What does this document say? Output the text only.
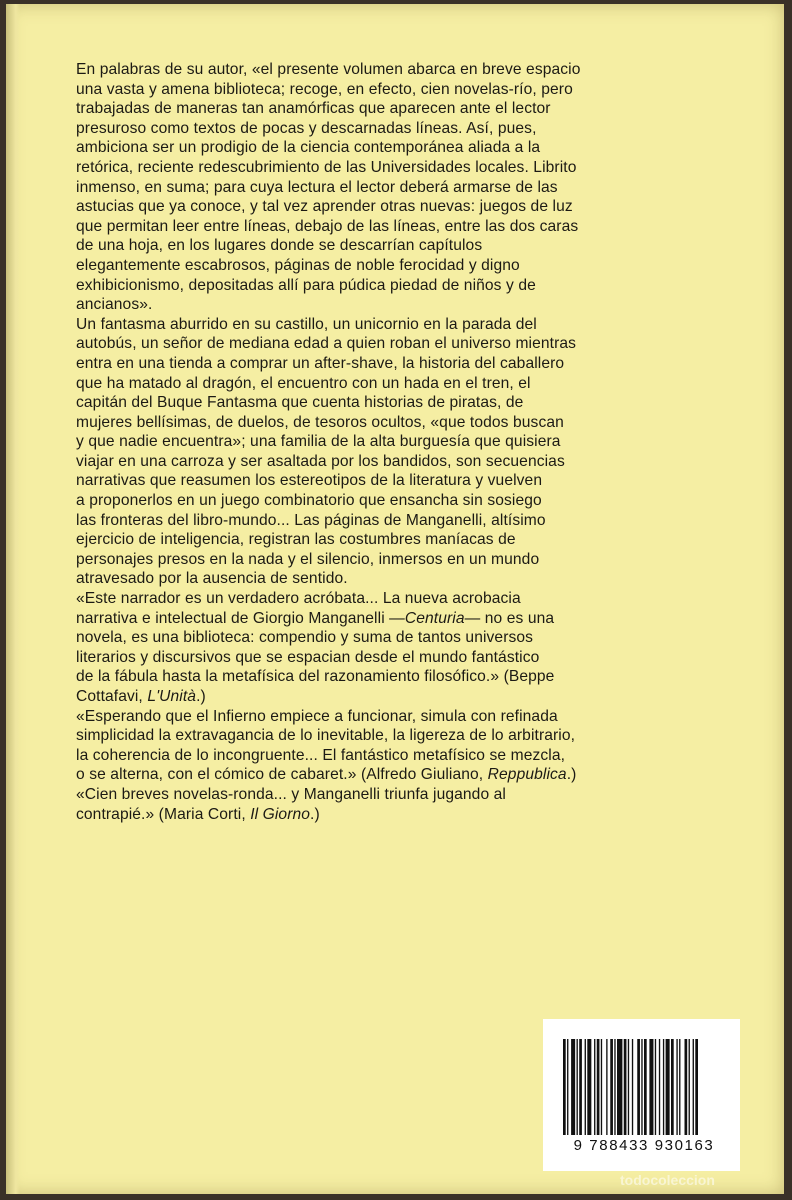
En palabras de su autor, «el presente volumen abarca en breve espacio
una vasta y amena biblioteca; recoge, en efecto, cien novelas-río, pero
trabajadas de maneras tan anamórficas que aparecen ante el lector
presuroso como textos de pocas y descarnadas líneas. Así, pues,
ambiciona ser un prodigio de la ciencia contemporánea aliada a la
retórica, reciente redescubrimiento de las Universidades locales. Librito
inmenso, en suma; para cuya lectura el lector deberá armarse de las
astucias que ya conoce, y tal vez aprender otras nuevas: juegos de luz
que permitan leer entre líneas, debajo de las líneas, entre las dos caras
de una hoja, en los lugares donde se descarrían capítulos
elegantemente escabrosos, páginas de noble ferocidad y digno
exhibicionismo, depositadas allí para púdica piedad de niños y de
ancianos».

Un fantasma aburrido en su castillo, un unicornio en la parada del
autobús, un señor de mediana edad a quien roban el universo mientras
entra en una tienda a comprar un after-shave, la historia del caballero
que ha matado al dragón, el encuentro con un hada en el tren, el
capitán del Buque Fantasma que cuenta historias de piratas, de
mujeres bellísimas, de duelos, de tesoros ocultos, «que todos buscan
y que nadie encuentra»; una familia de la alta burguesía que quisiera
viajar en una carroza y ser asaltada por los bandidos, son secuencias
narrativas que reasumen los estereotipos de la literatura y vuelven
a proponerlos en un juego combinatorio que ensancha sin sosiego
las fronteras del libro-mundo... Las páginas de Manganelli, altísimo
ejercicio de inteligencia, registran las costumbres maníacas de
personajes presos en la nada y el silencio, inmersos en un mundo
atravesado por la ausencia de sentido.

«Este narrador es un verdadero acróbata... La nueva acrobacia
narrativa e intelectual de Giorgio Manganelli —Centuria— no es una
novela, es una biblioteca: compendio y suma de tantos universos
literarios y discursivos que se espacian desde el mundo fantástico
de la fábula hasta la metafísica del razonamiento filosófico.» (Beppe
Cottafavi, L'Unità.)

«Esperando que el Infierno empiece a funcionar, simula con refinada
simplicidad la extravagancia de lo inevitable, la ligereza de lo arbitrario,
la coherencia de lo incongruente... El fantástico metafísico se mezcla,
o se alterna, con el cómico de cabaret.» (Alfredo Giuliano, Reppublica.)

«Cien breves novelas-ronda... y Manganelli triunfa jugando al
contrapié.» (Maria Corti, Il Giorno.)

9 788433 930163
todocoleccion
